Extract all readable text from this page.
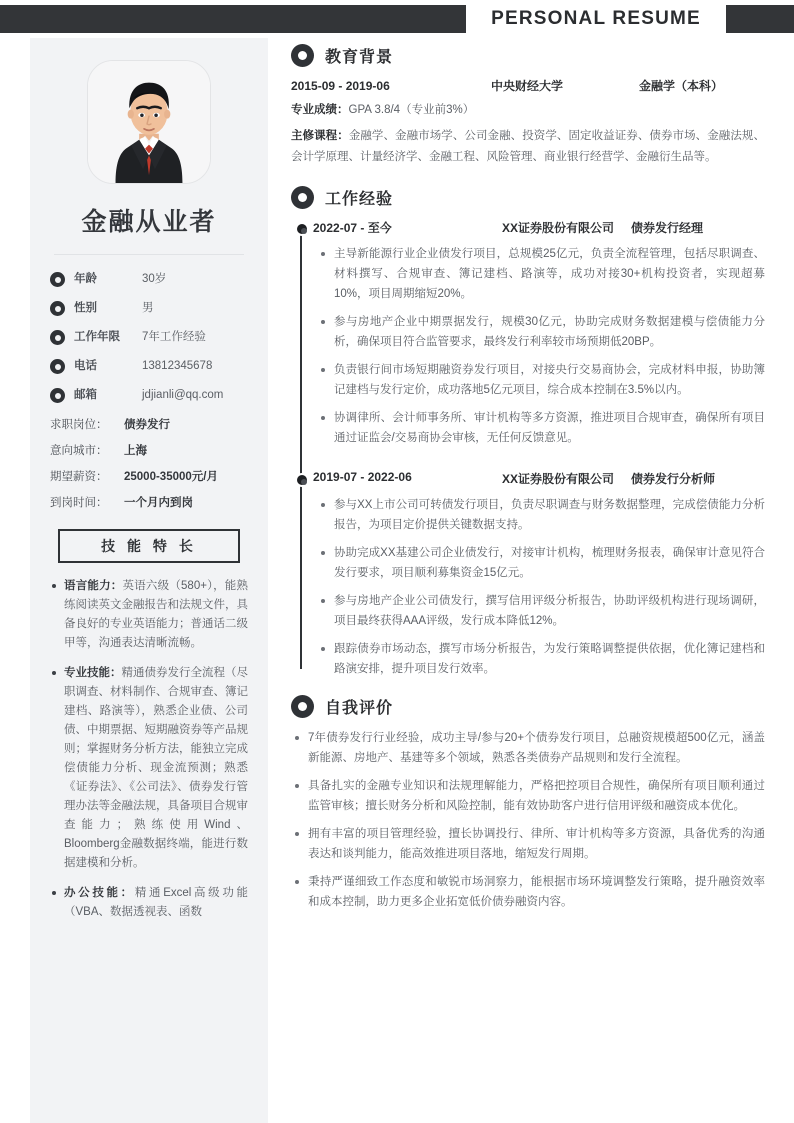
PERSONAL RESUME
金融从业者
年龄	30岁
性别	男
工作年限	7年工作经验
电话	13812345678
邮箱	jdjianli@qq.com
求职岗位：	债券发行
意向城市：	上海
期望薪资：	25000-35000元/月
到岗时间：	一个月内到岗
技 能 特 长
语言能力：英语六级（580+），能熟练阅读英文金融报告和法规文件，具备良好的专业英语能力；普通话二级甲等，沟通表达清晰流畅。
专业技能：精通债券发行全流程（尽职调查、材料制作、合规审查、簿记建档、路演等），熟悉企业债、公司债、中期票据、短期融资券等产品规则；掌握财务分析方法，能独立完成偿债能力分析、现金流预测；熟悉《证券法》、《公司法》、债券发行管理办法等金融法规，具备项目合规审查能力；熟练使用Wind、Bloomberg金融数据终端，能进行数据建模和分析。
办公技能：精通Excel高级功能（VBA、数据透视表、函数
教育背景
2015-09 - 2019-06	中央财经大学	金融学（本科）
专业成绩：GPA 3.8/4（专业前3%）
主修课程：金融学、金融市场学、公司金融、投资学、固定收益证券、债券市场、金融法规、会计学原理、计量经济学、金融工程、风险管理、商业银行经营学、金融衍生品等。
工作经验
2022-07 - 至今	XX证券股份有限公司	债券发行经理
主导新能源行业企业债发行项目，总规模25亿元，负责全流程管理，包括尽职调查、材料撰写、合规审查、簿记建档、路演等，成功对接30+机构投资者，实现超募10%，项目周期缩短20%。
参与房地产企业中期票据发行，规模30亿元，协助完成财务数据建模与偿债能力分析，确保项目符合监管要求，最终发行利率较市场预期低20BP。
负责银行间市场短期融资券发行项目，对接央行交易商协会，完成材料申报，协助簿记建档与发行定价，成功落地5亿元项目，综合成本控制在3.5%以内。
协调律所、会计师事务所、审计机构等多方资源，推进项目合规审查，确保所有项目通过证监会/交易商协会审核，无任何反馈意见。
2019-07 - 2022-06	XX证券股份有限公司	债券发行分析师
参与XX上市公司可转债发行项目，负责尽职调查与财务数据整理，完成偿债能力分析报告，为项目定价提供关键数据支持。
协助完成XX基建公司企业债发行，对接审计机构，梳理财务报表，确保审计意见符合发行要求，项目顺利募集资金15亿元。
参与房地产企业公司债发行，撰写信用评级分析报告，协助评级机构进行现场调研，项目最终获得AAA评级，发行成本降低12%。
跟踪债券市场动态，撰写市场分析报告，为发行策略调整提供依据，优化簿记建档和路演安排，提升项目发行效率。
自我评价
7年债券发行行业经验，成功主导/参与20+个债券发行项目，总融资规模超500亿元，涵盖新能源、房地产、基建等多个领域，熟悉各类债券产品规则和发行全流程。
具备扎实的金融专业知识和法规理解能力，严格把控项目合规性，确保所有项目顺利通过监管审核；擅长财务分析和风险控制，能有效协助客户进行信用评级和融资成本优化。
拥有丰富的项目管理经验，擅长协调投行、律所、审计机构等多方资源，具备优秀的沟通表达和谈判能力，能高效推进项目落地，缩短发行周期。
秉持严谨细致工作态度和敏锐市场洞察力，能根据市场环境调整发行策略，提升融资效率和成本控制，助力更多企业拓宽低价债券融资内容。
